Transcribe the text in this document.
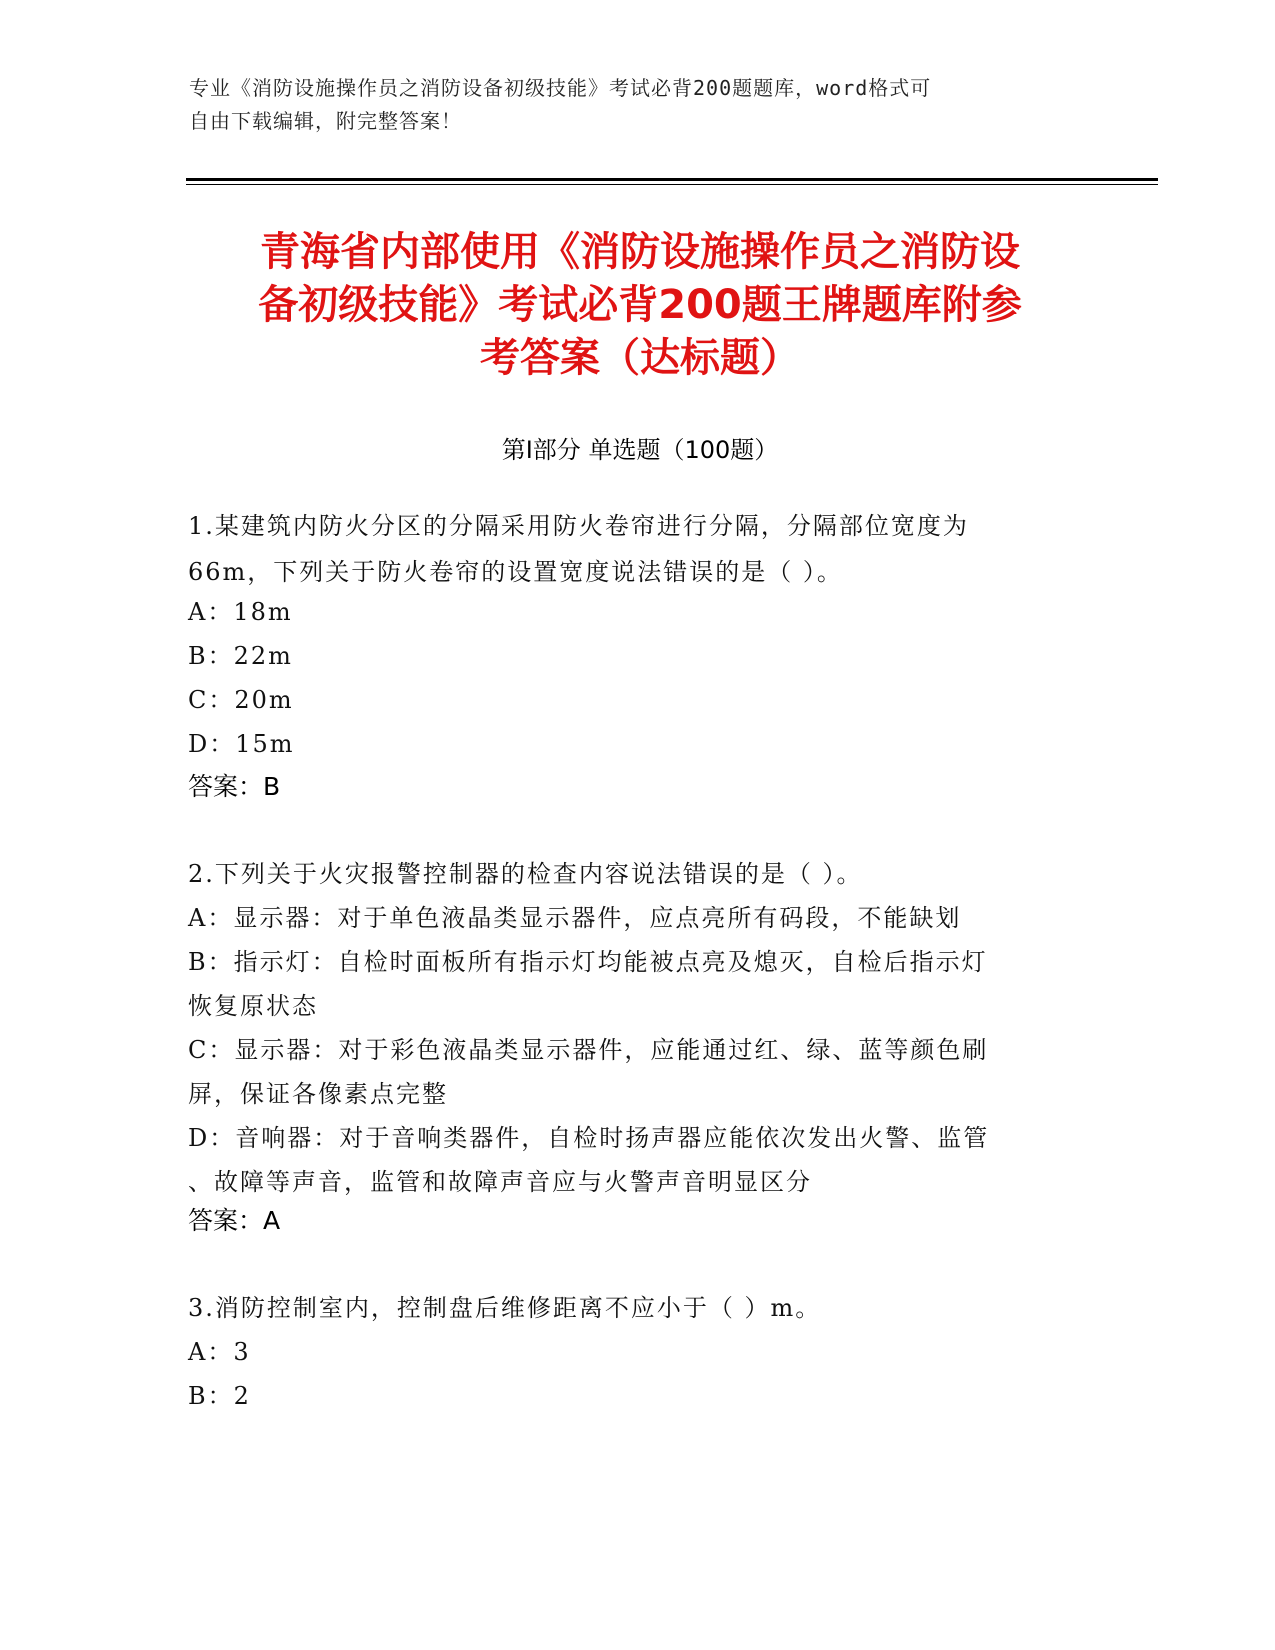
专业《消防设施操作员之消防设备初级技能》考试必背200题题库，word格式可
自由下载编辑，附完整答案！
青海省内部使用《消防设施操作员之消防设
备初级技能》考试必背200题王牌题库附参
考答案（达标题）
第I部分 单选题（100题）
1.某建筑内防火分区的分隔采用防火卷帘进行分隔，分隔部位宽度为
66m，下列关于防火卷帘的设置宽度说法错误的是（ ）。
A：18m
B：22m
C：20m
D：15m
答案：B
2.下列关于火灾报警控制器的检查内容说法错误的是（ ）。
A：显示器：对于单色液晶类显示器件，应点亮所有码段，不能缺划
B：指示灯：自检时面板所有指示灯均能被点亮及熄灭，自检后指示灯
恢复原状态
C：显示器：对于彩色液晶类显示器件，应能通过红、绿、蓝等颜色刷
屏，保证各像素点完整
D：音响器：对于音响类器件，自检时扬声器应能依次发出火警、监管
、故障等声音，监管和故障声音应与火警声音明显区分
答案：A
3.消防控制室内，控制盘后维修距离不应小于（ ）m。
A：3
B：2
